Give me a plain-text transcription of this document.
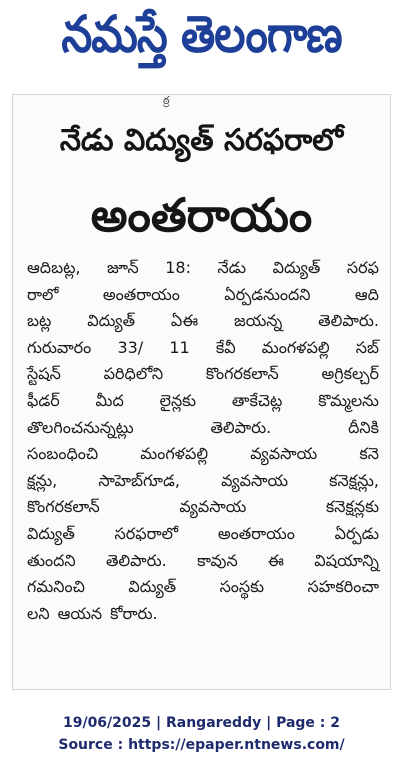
నమస్తే తెలంగాణ
ఠ్ర
నేడు విద్యుత్ సరఫరాలో
అంతరాయం
ఆదిబట్ల, జూన్ 18: నేడు విద్యుత్ సరఫ
రాలో	అంతరాయం	ఏర్పడనుందని	ఆది
బట్ల విద్యుత్ ఏఈ జయన్న తెలిపారు.
గురువారం 33/ 11 కేవీ మంగళపల్లి సబ్
స్టేషన్	పరిధిలోని	కొంగరకలాన్	అగ్రికల్చర్
ఫీడర్ మీద లైన్లకు తాకేచెట్ల కొమ్మలను
తొలగించనున్నట్లు	తెలిపారు.	దీనికి
సంబంధించి	మంగళపల్లి	వ్యవసాయ	కనె
క్షన్లు,	సాహెబ్‌గూడ,	వ్యవసాయ	కనెక్షన్లు,
కొంగరకలాన్	వ్యవసాయ	కనెక్షన్లకు
విద్యుత్ సరఫరాలో అంతరాయం ఏర్పడు
తుందని తెలిపారు. కావున ఈ విషయాన్ని
గమనించి	విద్యుత్	సంస్థకు	సహకరించా
లని ఆయన కోరారు.
19/06/2025 | Rangareddy | Page : 2
Source : https://epaper.ntnews.com/
